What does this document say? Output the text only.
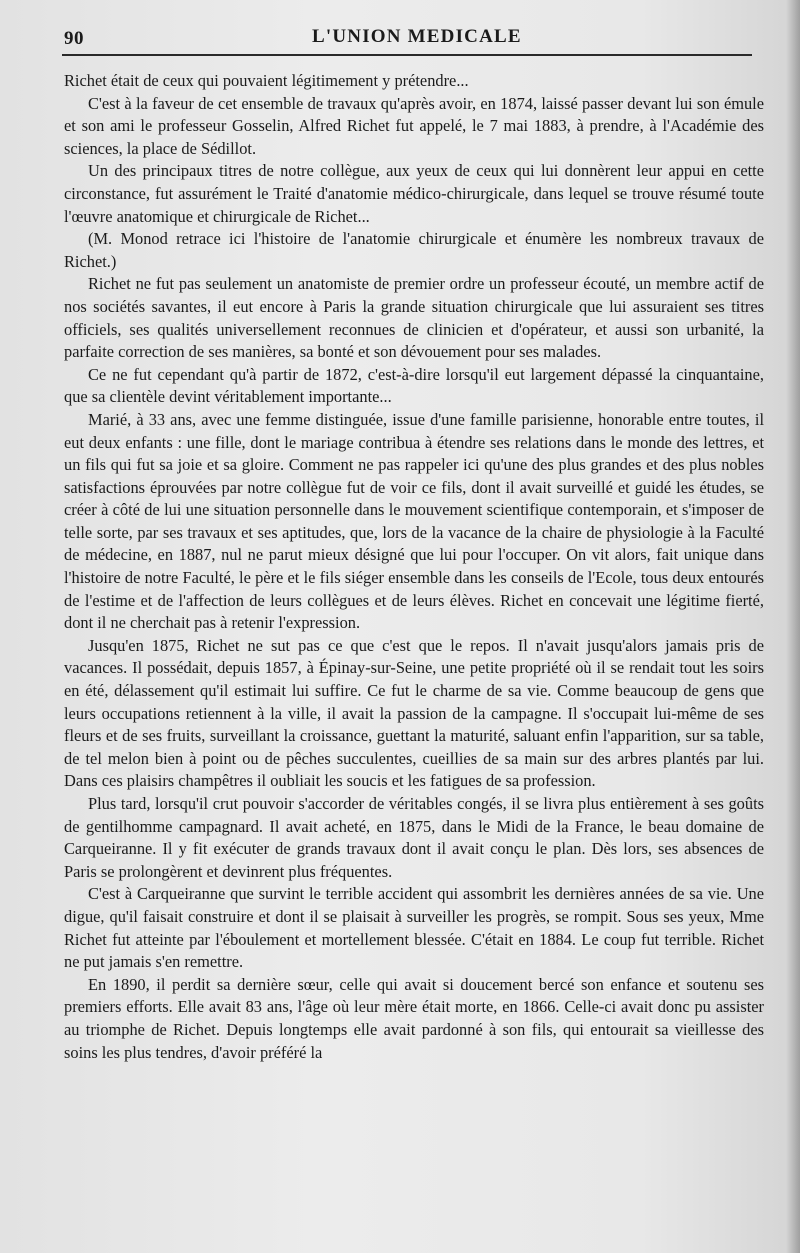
90	L'UNION MEDICALE

Richet était de ceux qui pouvaient légitimement y prétendre...

C'est à la faveur de cet ensemble de travaux qu'après avoir, en 1874, laissé passer devant lui son émule et son ami le professeur Gosselin, Alfred Richet fut appelé, le 7 mai 1883, à prendre, à l'Académie des sciences, la place de Sédillot.

Un des principaux titres de notre collègue, aux yeux de ceux qui lui donnèrent leur appui en cette circonstance, fut assurément le Traité d'anatomie médico-chirurgicale, dans lequel se trouve résumé toute l'œuvre anatomique et chirurgicale de Richet...

(M. Monod retrace ici l'histoire de l'anatomie chirurgicale et énumère les nombreux travaux de Richet.)

Richet ne fut pas seulement un anatomiste de premier ordre un professeur écouté, un membre actif de nos sociétés savantes, il eut encore à Paris la grande situation chirurgicale que lui assuraient ses titres officiels, ses qualités universellement reconnues de clinicien et d'opérateur, et aussi son urbanité, la parfaite correction de ses manières, sa bonté et son dévouement pour ses malades.

Ce ne fut cependant qu'à partir de 1872, c'est-à-dire lorsqu'il eut largement dépassé la cinquantaine, que sa clientèle devint véritablement importante...

Marié, à 33 ans, avec une femme distinguée, issue d'une famille parisienne, honorable entre toutes, il eut deux enfants : une fille, dont le mariage contribua à étendre ses relations dans le monde des lettres, et un fils qui fut sa joie et sa gloire. Comment ne pas rappeler ici qu'une des plus grandes et des plus nobles satisfactions éprouvées par notre collègue fut de voir ce fils, dont il avait surveillé et guidé les études, se créer à côté de lui une situation personnelle dans le mouvement scientifique contemporain, et s'imposer de telle sorte, par ses travaux et ses aptitudes, que, lors de la vacance de la chaire de physiologie à la Faculté de médecine, en 1887, nul ne parut mieux désigné que lui pour l'occuper. On vit alors, fait unique dans l'histoire de notre Faculté, le père et le fils siéger ensemble dans les conseils de l'Ecole, tous deux entourés de l'estime et de l'affection de leurs collègues et de leurs élèves. Richet en concevait une légitime fierté, dont il ne cherchait pas à retenir l'expression.

Jusqu'en 1875, Richet ne sut pas ce que c'est que le repos. Il n'avait jusqu'alors jamais pris de vacances. Il possédait, depuis 1857, à Épinay-sur-Seine, une petite propriété où il se rendait tout les soirs en été, délassement qu'il estimait lui suffire. Ce fut le charme de sa vie. Comme beaucoup de gens que leurs occupations retiennent à la ville, il avait la passion de la campagne. Il s'occupait lui-même de ses fleurs et de ses fruits, surveillant la croissance, guettant la maturité, saluant enfin l'apparition, sur sa table, de tel melon bien à point ou de pêches succulentes, cueillies de sa main sur des arbres plantés par lui. Dans ces plaisirs champêtres il oubliait les soucis et les fatigues de sa profession.

Plus tard, lorsqu'il crut pouvoir s'accorder de véritables congés, il se livra plus entièrement à ses goûts de gentilhomme campagnard. Il avait acheté, en 1875, dans le Midi de la France, le beau domaine de Carqueiranne. Il y fit exécuter de grands travaux dont il avait conçu le plan. Dès lors, ses absences de Paris se prolongèrent et devinrent plus fréquentes.

C'est à Carqueiranne que survint le terrible accident qui assombrit les dernières années de sa vie. Une digue, qu'il faisait construire et dont il se plaisait à surveiller les progrès, se rompit. Sous ses yeux, Mme Richet fut atteinte par l'éboulement et mortellement blessée. C'était en 1884. Le coup fut terrible. Richet ne put jamais s'en remettre.

En 1890, il perdit sa dernière sœur, celle qui avait si doucement bercé son enfance et soutenu ses premiers efforts. Elle avait 83 ans, l'âge où leur mère était morte, en 1866. Celle-ci avait donc pu assister au triomphe de Richet. Depuis longtemps elle avait pardonné à son fils, qui entourait sa vieillesse des soins les plus tendres, d'avoir préféré la
